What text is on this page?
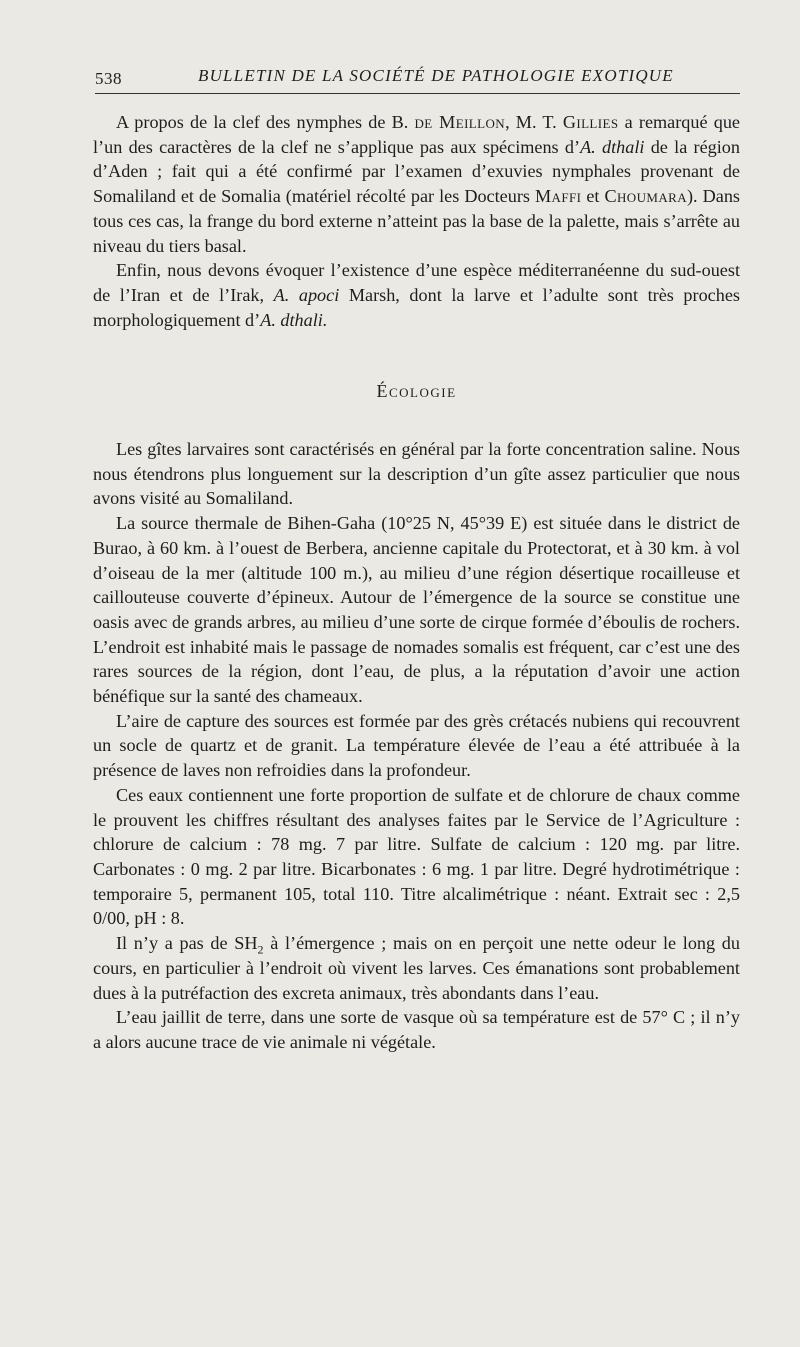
538	BULLETIN DE LA SOCIÉTÉ DE PATHOLOGIE EXOTIQUE

A propos de la clef des nymphes de B. de Meillon, M. T. Gillies a remarqué que l’un des caractères de la clef ne s’applique pas aux spécimens d’A. dthali de la région d’Aden ; fait qui a été confirmé par l’examen d’exuvies nymphales provenant de Somaliland et de Somalia (matériel récolté par les Docteurs Maffi et Choumara). Dans tous ces cas, la frange du bord externe n’atteint pas la base de la palette, mais s’arrête au niveau du tiers basal.

Enfin, nous devons évoquer l’existence d’une espèce méditerranéenne du sud-ouest de l’Iran et de l’Irak, A. apoci Marsh, dont la larve et l’adulte sont très proches morphologiquement d’A. dthali.

Écologie

Les gîtes larvaires sont caractérisés en général par la forte concentration saline. Nous nous étendrons plus longuement sur la description d’un gîte assez particulier que nous avons visité au Somaliland.

La source thermale de Bihen-Gaha (10°25 N, 45°39 E) est située dans le district de Burao, à 60 km. à l’ouest de Berbera, ancienne capitale du Protectorat, et à 30 km. à vol d’oiseau de la mer (altitude 100 m.), au milieu d’une région désertique rocailleuse et caillouteuse couverte d’épineux. Autour de l’émergence de la source se constitue une oasis avec de grands arbres, au milieu d’une sorte de cirque formée d’éboulis de rochers. L’endroit est inhabité mais le passage de nomades somalis est fréquent, car c’est une des rares sources de la région, dont l’eau, de plus, a la réputation d’avoir une action bénéfique sur la santé des chameaux.

L’aire de capture des sources est formée par des grès crétacés nubiens qui recouvrent un socle de quartz et de granit. La température élevée de l’eau a été attribuée à la présence de laves non refroidies dans la profondeur.

Ces eaux contiennent une forte proportion de sulfate et de chlorure de chaux comme le prouvent les chiffres résultant des analyses faites par le Service de l’Agriculture : chlorure de calcium : 78 mg. 7 par litre. Sulfate de calcium : 120 mg. par litre. Carbonates : 0 mg. 2 par litre. Bicarbonates : 6 mg. 1 par litre. Degré hydrotimétrique : temporaire 5, permanent 105, total 110. Titre alcalimétrique : néant. Extrait sec : 2,5 0/00, pH : 8.

Il n’y a pas de $SH_2$ à l’émergence ; mais on en perçoit une nette odeur le long du cours, en particulier à l’endroit où vivent les larves. Ces émanations sont probablement dues à la putréfaction des excreta animaux, très abondants dans l’eau.

L’eau jaillit de terre, dans une sorte de vasque où sa température est de 57° C ; il n’y a alors aucune trace de vie animale ni végétale.
